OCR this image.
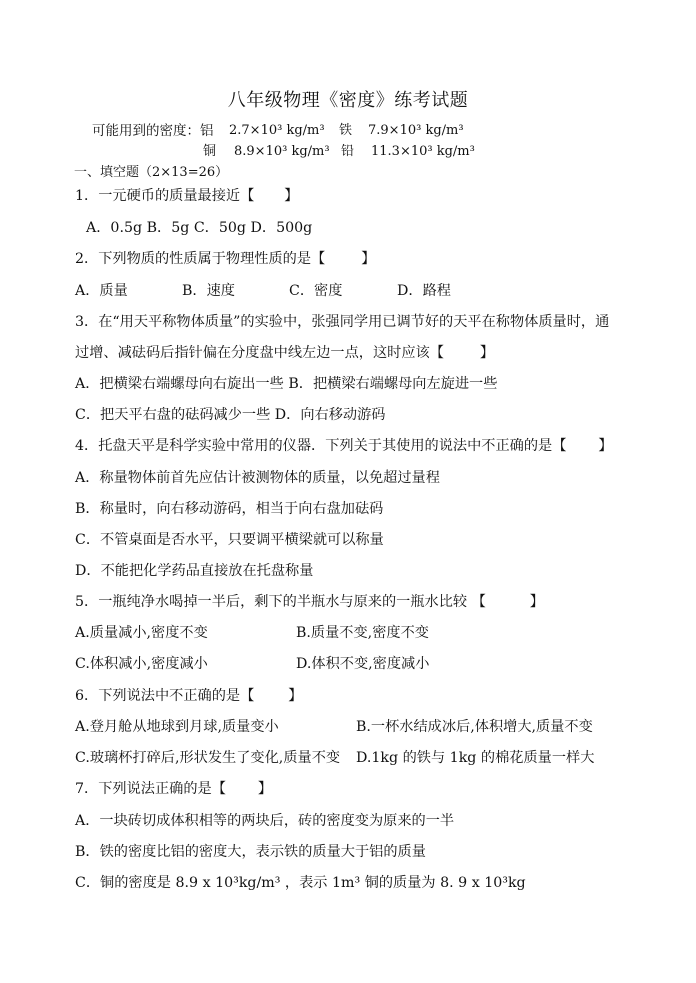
八年级物理《密度》练考试题
可能用到的密度：铝 2.7×10³ kg/m³ 铁 7.9×10³ kg/m³
铜 8.9×10³ kg/m³ 铅 11.3×10³ kg/m³
一、填空题（2×13=26）
1．一元硬币的质量最接近【 】
A．0.5g B．5g C．50g D．500g
2．下列物质的性质属于物理性质的是【	】
A．质量	B．速度	C．密度	D．路程
3．在“用天平称物体质量”的实验中，张强同学用已调节好的天平在称物体质量时，通
过增、减砝码后指针偏在分度盘中线左边一点，这时应该【	】
A．把横梁右端螺母向右旋出一些 B．把横梁右端螺母向左旋进一些
C．把天平右盘的砝码减少一些 D．向右移动游码
4．托盘天平是科学实验中常用的仪器．下列关于其使用的说法中不正确的是【 】
A．称量物体前首先应估计被测物体的质量，以免超过量程
B．称量时，向右移动游码，相当于向右盘加砝码
C．不管桌面是否水平，只要调平横梁就可以称量
D．不能把化学药品直接放在托盘称量
5．一瓶纯净水喝掉一半后，剩下的半瓶水与原来的一瓶水比较 【	】
A.质量减小,密度不变	B.质量不变,密度不变
C.体积减小,密度减小	D.体积不变,密度减小
6．下列说法中不正确的是【 】
A.登月舱从地球到月球,质量变小	B.一杯水结成冰后,体积增大,质量不变
C.玻璃杯打碎后,形状发生了变化,质量不变 D.1kg 的铁与 1kg 的棉花质量一样大
7．下列说法正确的是【 】
A．一块砖切成体积相等的两块后，砖的密度变为原来的一半
B．铁的密度比铝的密度大，表示铁的质量大于铝的质量
C．铜的密度是 8.9 x 10³kg/m³ ，表示 1m³ 铜的质量为 8. 9 x 10³kg
